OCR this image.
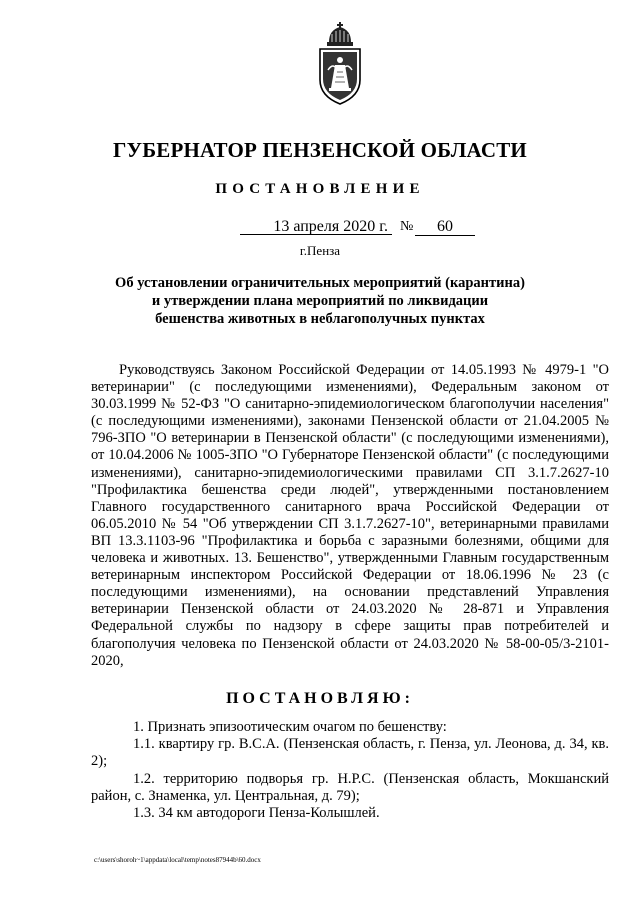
ГУБЕРНАТОР ПЕНЗЕНСКОЙ ОБЛАСТИ
ПОСТАНОВЛЕНИЕ
13 апреля 2020 г. №	60
г.Пенза
Об установлении ограничительных мероприятий (карантина)
и утверждении плана мероприятий по ликвидации
бешенства животных в неблагополучных пунктах

Руководствуясь Законом Российской Федерации от 14.05.1993 № 4979-1 "О ветеринарии" (с последующими изменениями), Федеральным законом от 30.03.1999 № 52-ФЗ "О санитарно-эпидемиологическом благополучии населения" (с последующими изменениями), законами Пензенской области от 21.04.2005 № 796-ЗПО "О ветеринарии в Пензенской области" (с последующими изменениями), от 10.04.2006 № 1005-ЗПО "О Губернаторе Пензенской области" (с последующими изменениями), санитарно-эпидемиологическими правилами СП 3.1.7.2627-10 "Профилактика бешенства среди людей", утвержденными постановлением Главного государственного санитарного врача Российской Федерации от 06.05.2010 № 54 "Об утверждении СП 3.1.7.2627-10", ветеринарными правилами ВП 13.3.1103-96 "Профилактика и борьба с заразными болезнями, общими для человека и животных. 13. Бешенство", утвержденными Главным государственным ветеринарным инспектором Российской Федерации от 18.06.1996 № 23 (с последующими изменениями), на основании представлений Управления ветеринарии Пензенской области от 24.03.2020 № 28-871 и Управления Федеральной службы по надзору в сфере защиты прав потребителей и благополучия человека по Пензенской области от 24.03.2020 № 58-00-05/3-2101-2020,

ПОСТАНОВЛЯЮ:

1. Признать эпизоотическим очагом по бешенству:

1.1. квартиру гр. В.С.А. (Пензенская область, г. Пенза, ул. Леонова, д. 34, кв. 2);

1.2. территорию подворья гр. Н.Р.С. (Пензенская область, Мокшанский район, с. Знаменка, ул. Центральная, д. 79);

1.3. 34 км автодороги Пенза-Колышлей.

c:\users\shoroh~1\appdata\local\temp\notes87944b\60.docx
